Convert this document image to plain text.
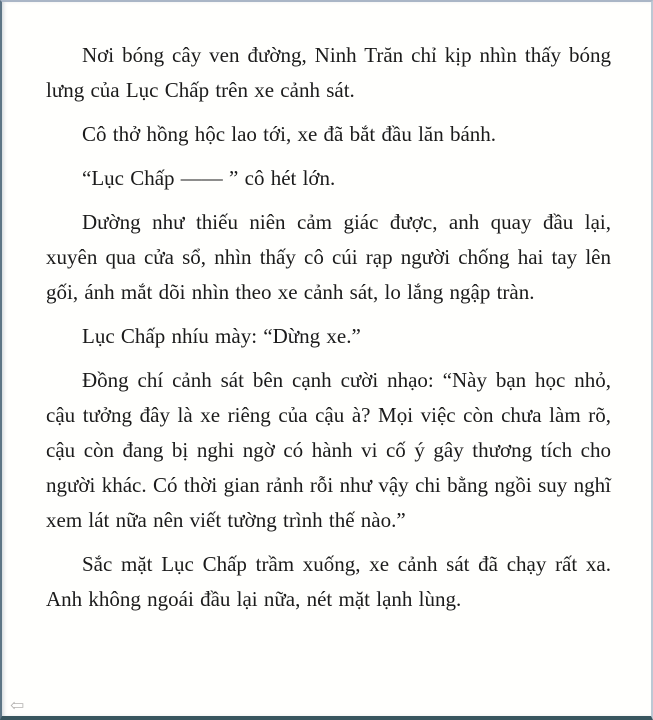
Nơi bóng cây ven đường, Ninh Trăn chỉ kịp nhìn thấy bóng lưng của Lục Chấp trên xe cảnh sát.

Cô thở hồng hộc lao tới, xe đã bắt đầu lăn bánh.

“Lục Chấp —— ” cô hét lớn.

Dường như thiếu niên cảm giác được, anh quay đầu lại, xuyên qua cửa sổ, nhìn thấy cô cúi rạp người chống hai tay lên gối, ánh mắt dõi nhìn theo xe cảnh sát, lo lắng ngập tràn.

Lục Chấp nhíu mày: “Dừng xe.”

Đồng chí cảnh sát bên cạnh cười nhạo: “Này bạn học nhỏ, cậu tưởng đây là xe riêng của cậu à? Mọi việc còn chưa làm rõ, cậu còn đang bị nghi ngờ có hành vi cố ý gây thương tích cho người khác. Có thời gian rảnh rỗi như vậy chi bằng ngồi suy nghĩ xem lát nữa nên viết tường trình thế nào.”

Sắc mặt Lục Chấp trầm xuống, xe cảnh sát đã chạy rất xa. Anh không ngoái đầu lại nữa, nét mặt lạnh lùng.

⇦
